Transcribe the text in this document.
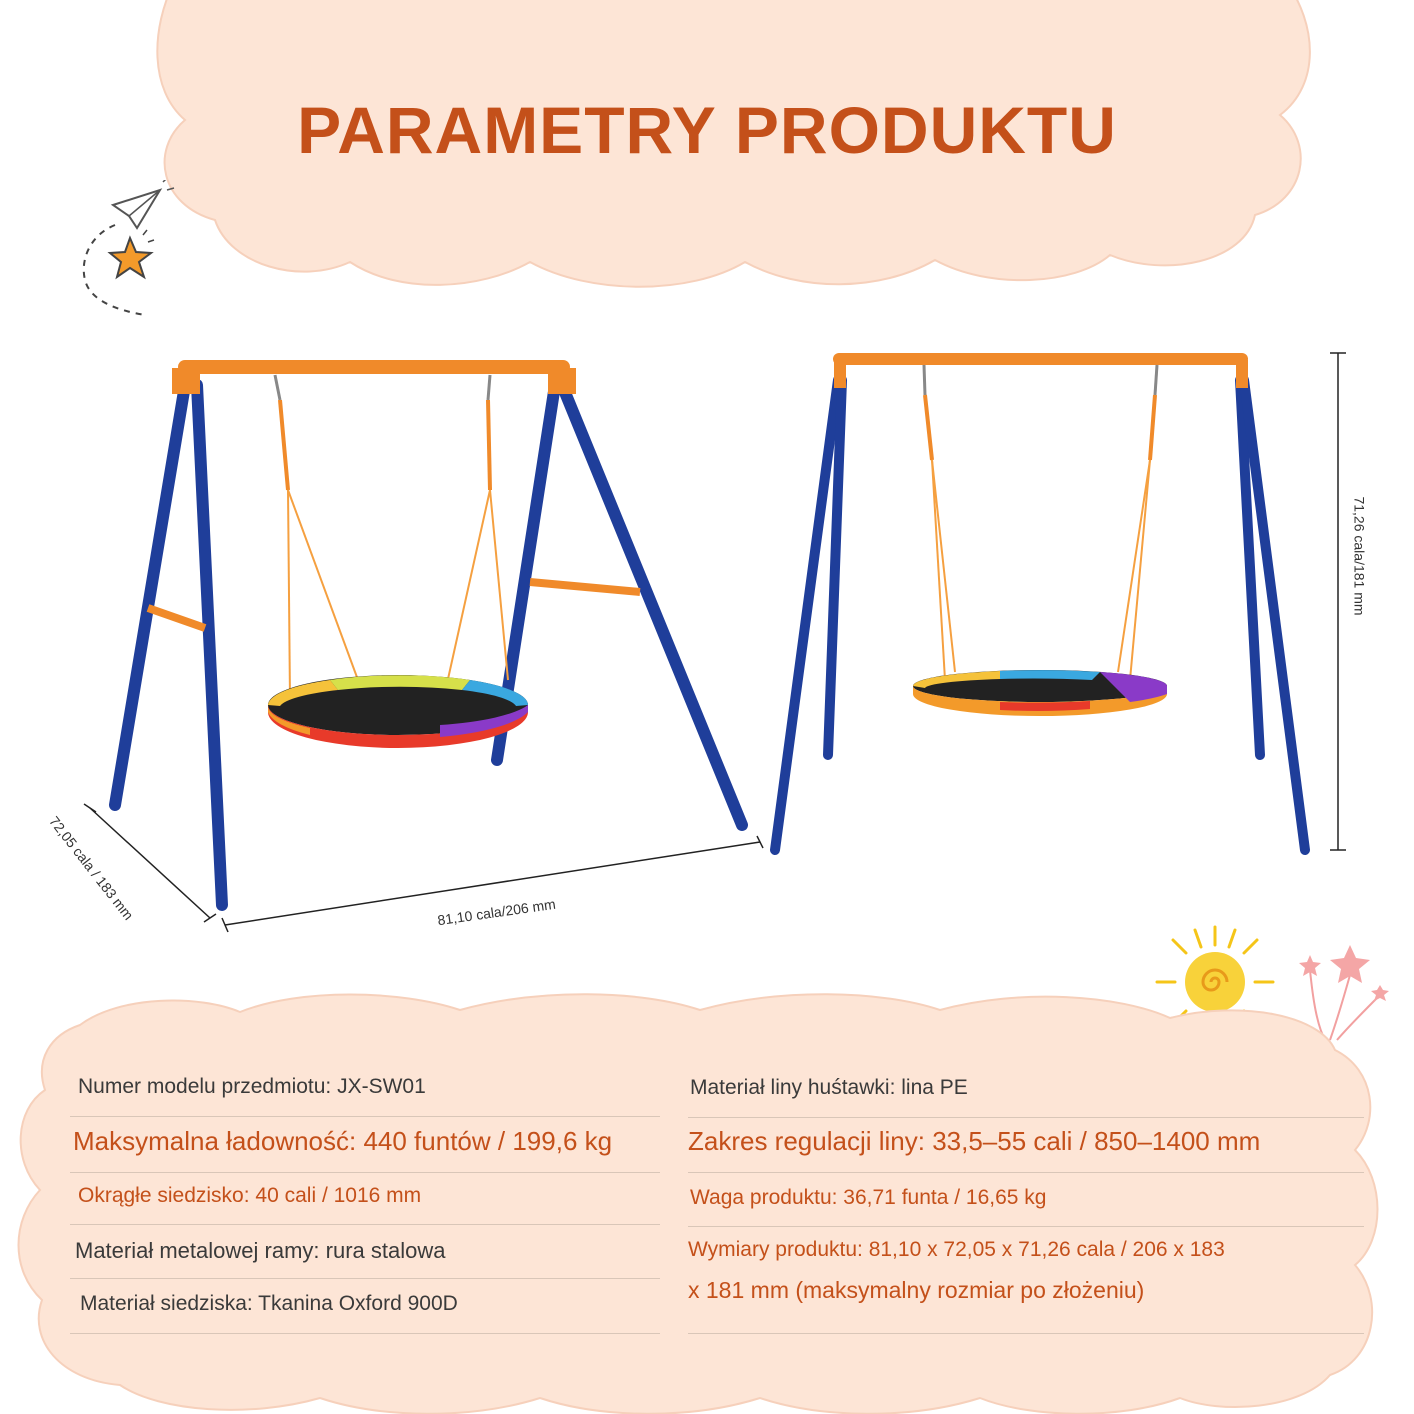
PARAMETRY PRODUKTU
81,10 cala/206 mm
72,05 cala / 183 mm
71,26 cala/181 mm
Numer modelu przedmiotu: JX-SW01
Maksymalna ładowność: 440 funtów / 199,6 kg
Okrągłe siedzisko: 40 cali / 1016 mm
Materiał metalowej ramy: rura stalowa
Materiał siedziska: Tkanina Oxford 900D
Materiał liny huśtawki: lina PE
Zakres regulacji liny: 33,5–55 cali / 850–1400 mm
Waga produktu: 36,71 funta / 16,65 kg
Wymiary produktu: 81,10 x 72,05 x 71,26 cala / 206 x 183
x 181 mm (maksymalny rozmiar po złożeniu)
